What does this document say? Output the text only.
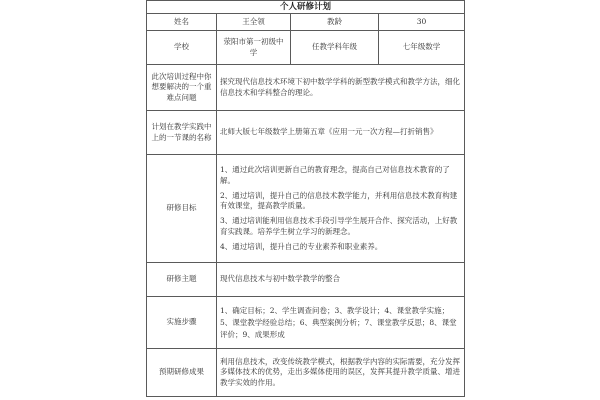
个人研修计划			
姓名	王全领	教龄	30
学校	荥阳市第一初级中学	任教学科年级	七年级数学
此次培训过程中你想要解决的一个重难点问题	探究现代信息技术环境下初中数学学科的新型教学模式和教学方法，细化信息技术和学科整合的理论。		
计划在教学实践中上的一节课的名称	北师大版七年级数学上册第五章《应用一元一次方程—打折销售》		
研修目标	1、通过此次培训更新自己的教育理念，提高自己对信息技术教育的了解。

2、通过培训，提升自己的信息技术教学能力，并利用信息技术教育构建有效课堂，提高教学质量。

3、通过培训能利用信息技术手段引导学生展开合作、探究活动，上好教育实践课。培养学生树立学习的新理念。

4、通过培训，提升自己的专业素养和职业素养。		

研修主题	现代信息技术与初中数学教学的整合		
实施步骤	1、确定目标；2、学生调查问卷；3、教学设计；4、课堂教学实施；5、课堂教学经验总结；6、典型案例分析；7、课堂教学反思；8、课堂评价；9、成果形成		
预期研修成果	利用信息技术，改变传统教学模式，根据教学内容的实际需要，充分发挥多媒体技术的优势，走出多媒体使用的误区，发挥其提升教学质量、增进教学实效的作用。		
